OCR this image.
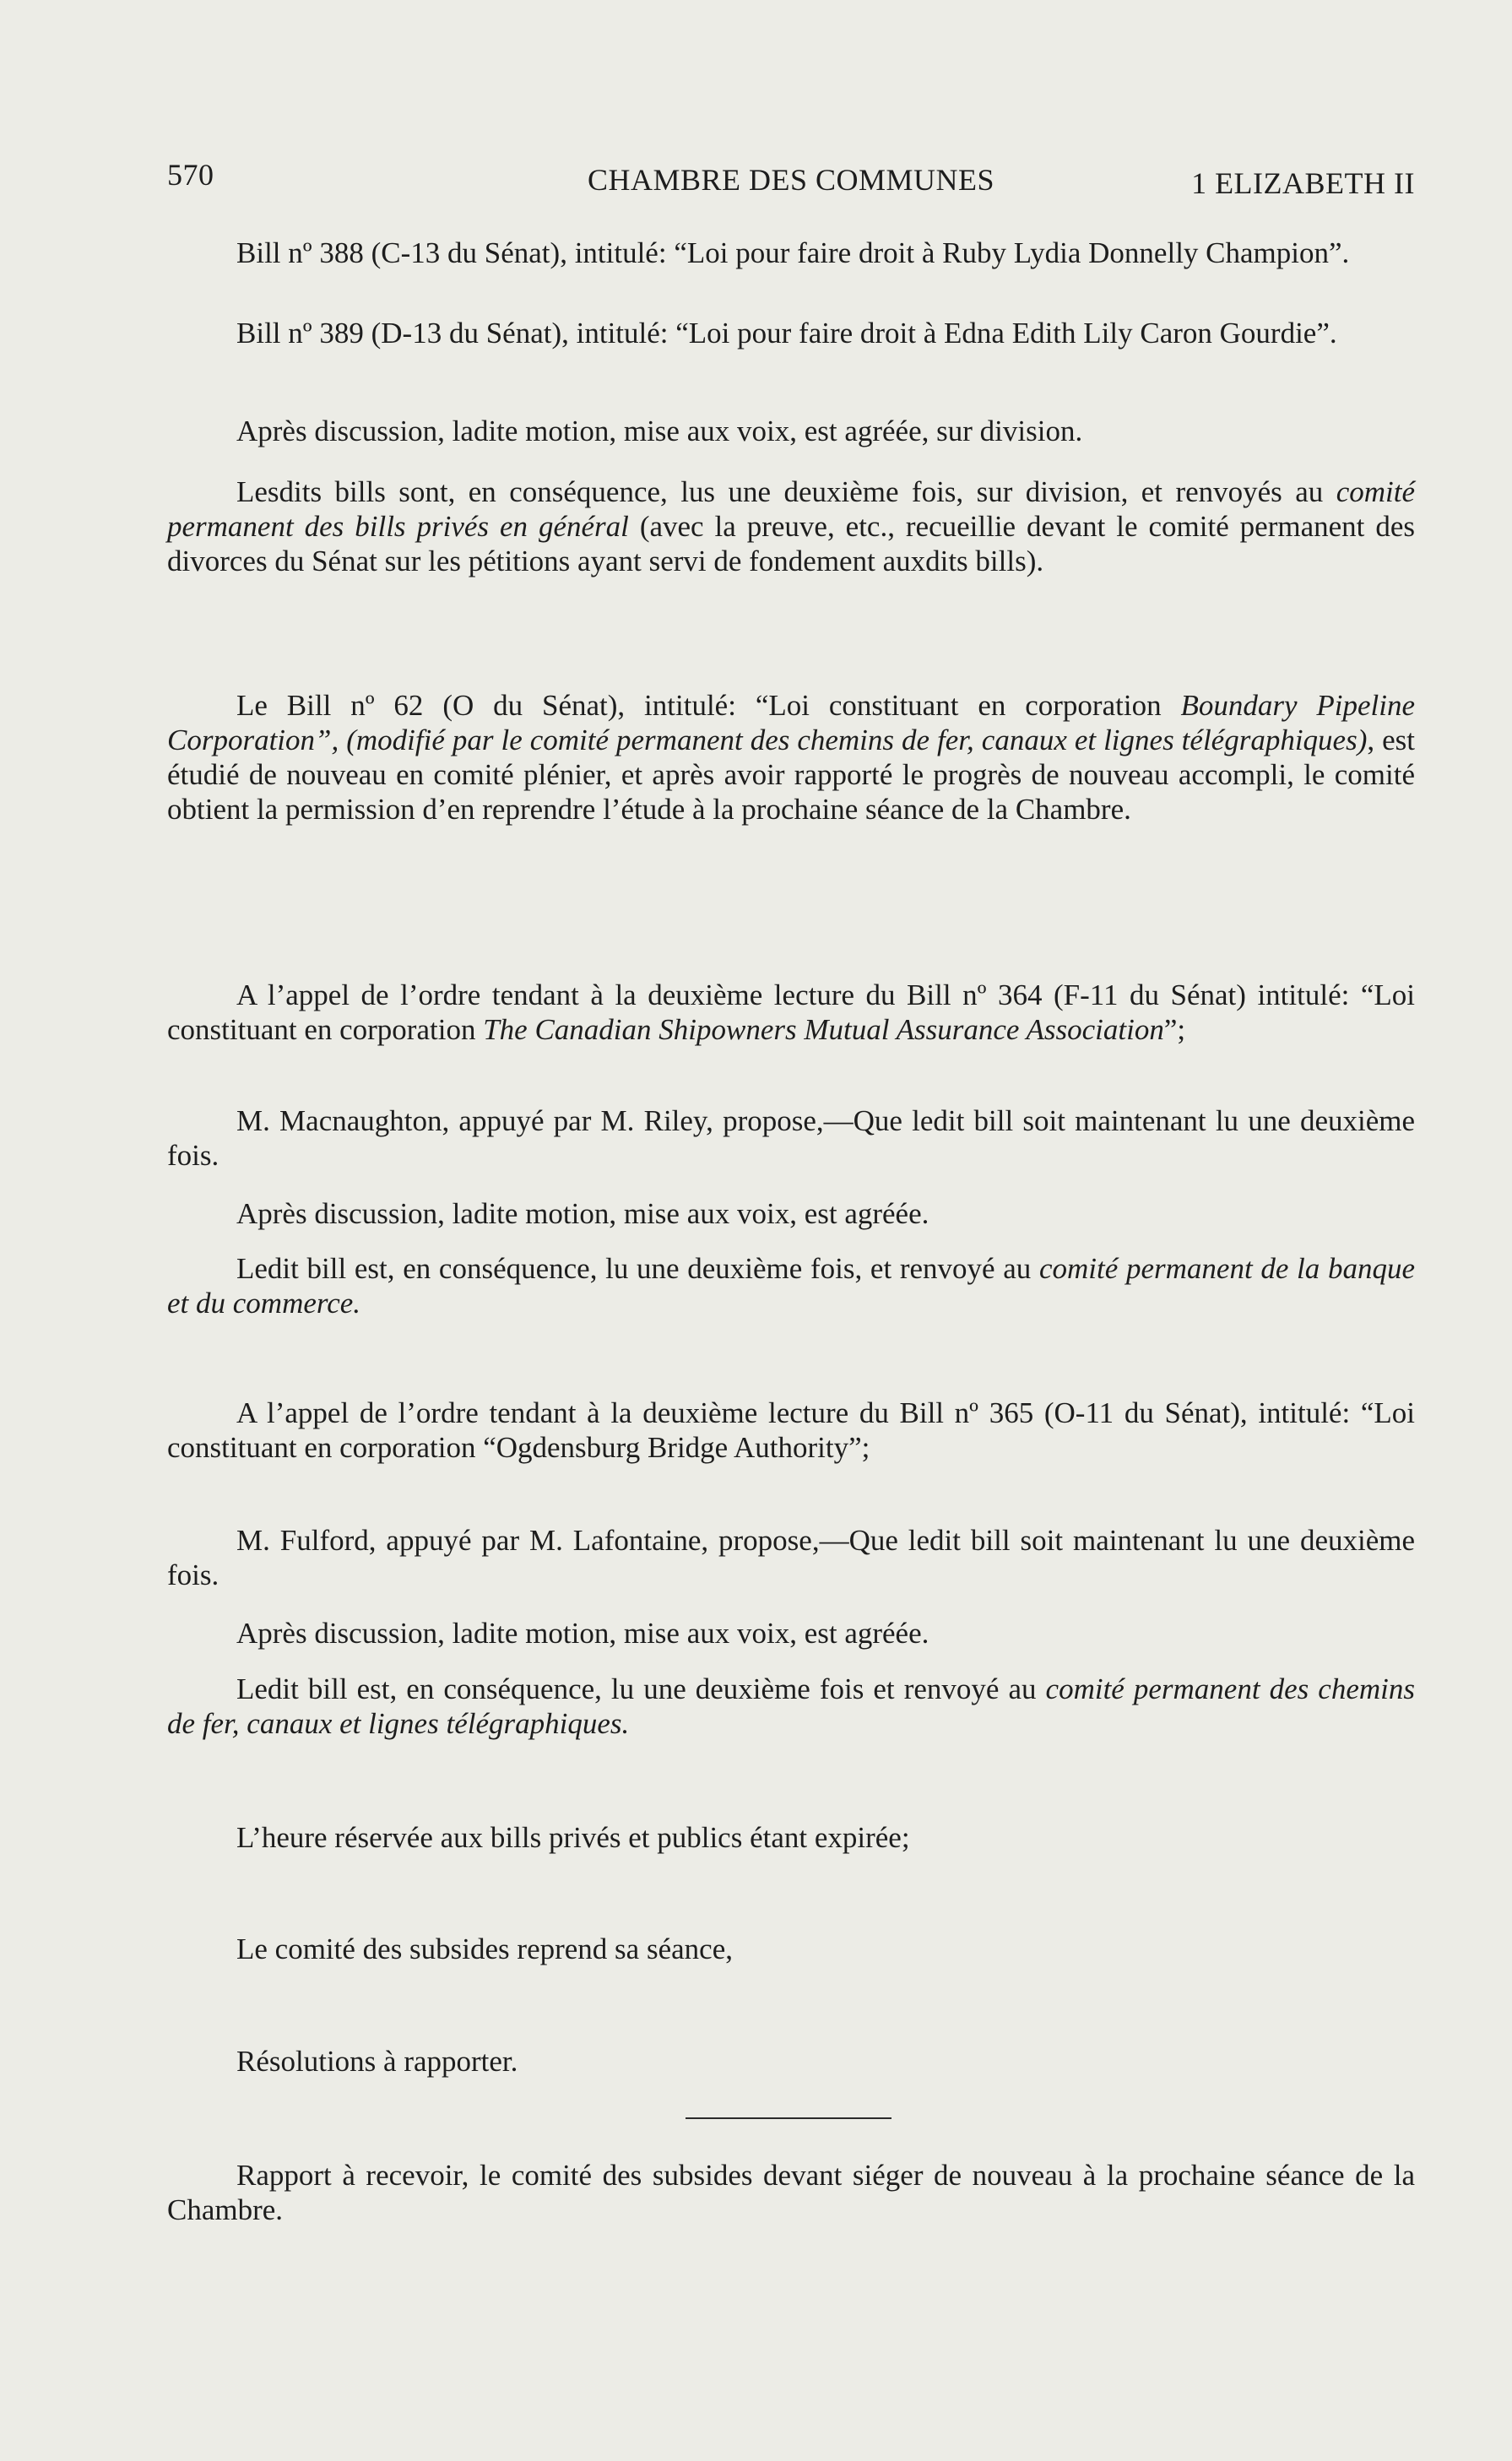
570	CHAMBRE DES COMMUNES	1 ELIZABETH II

Bill nº 388 (C-13 du Sénat), intitulé: “Loi pour faire droit à Ruby Lydia Donnelly Champion”.

Bill nº 389 (D-13 du Sénat), intitulé: “Loi pour faire droit à Edna Edith Lily Caron Gourdie”.

Après discussion, ladite motion, mise aux voix, est agréée, sur division.

Lesdits bills sont, en conséquence, lus une deuxième fois, sur division, et renvoyés au comité permanent des bills privés en général (avec la preuve, etc., recueillie devant le comité permanent des divorces du Sénat sur les pétitions ayant servi de fondement auxdits bills).

Le Bill nº 62 (O du Sénat), intitulé: “Loi constituant en corporation Boundary Pipeline Corporation”, (modifié par le comité permanent des chemins de fer, canaux et lignes télégraphiques), est étudié de nouveau en comité plénier, et après avoir rapporté le progrès de nouveau accompli, le comité obtient la permission d’en reprendre l’étude à la prochaine séance de la Chambre.

A l’appel de l’ordre tendant à la deuxième lecture du Bill nº 364 (F-11 du Sénat) intitulé: “Loi constituant en corporation The Canadian Shipowners Mutual Assurance Association”;

M. Macnaughton, appuyé par M. Riley, propose,—Que ledit bill soit maintenant lu une deuxième fois.

Après discussion, ladite motion, mise aux voix, est agréée.

Ledit bill est, en conséquence, lu une deuxième fois, et renvoyé au comité permanent de la banque et du commerce.

A l’appel de l’ordre tendant à la deuxième lecture du Bill nº 365 (O-11 du Sénat), intitulé: “Loi constituant en corporation “Ogdensburg Bridge Authority”;

M. Fulford, appuyé par M. Lafontaine, propose,—Que ledit bill soit maintenant lu une deuxième fois.

Après discussion, ladite motion, mise aux voix, est agréée.

Ledit bill est, en conséquence, lu une deuxième fois et renvoyé au comité permanent des chemins de fer, canaux et lignes télégraphiques.

L’heure réservée aux bills privés et publics étant expirée;

Le comité des subsides reprend sa séance,

Résolutions à rapporter.

Rapport à recevoir, le comité des subsides devant siéger de nouveau à la prochaine séance de la Chambre.
